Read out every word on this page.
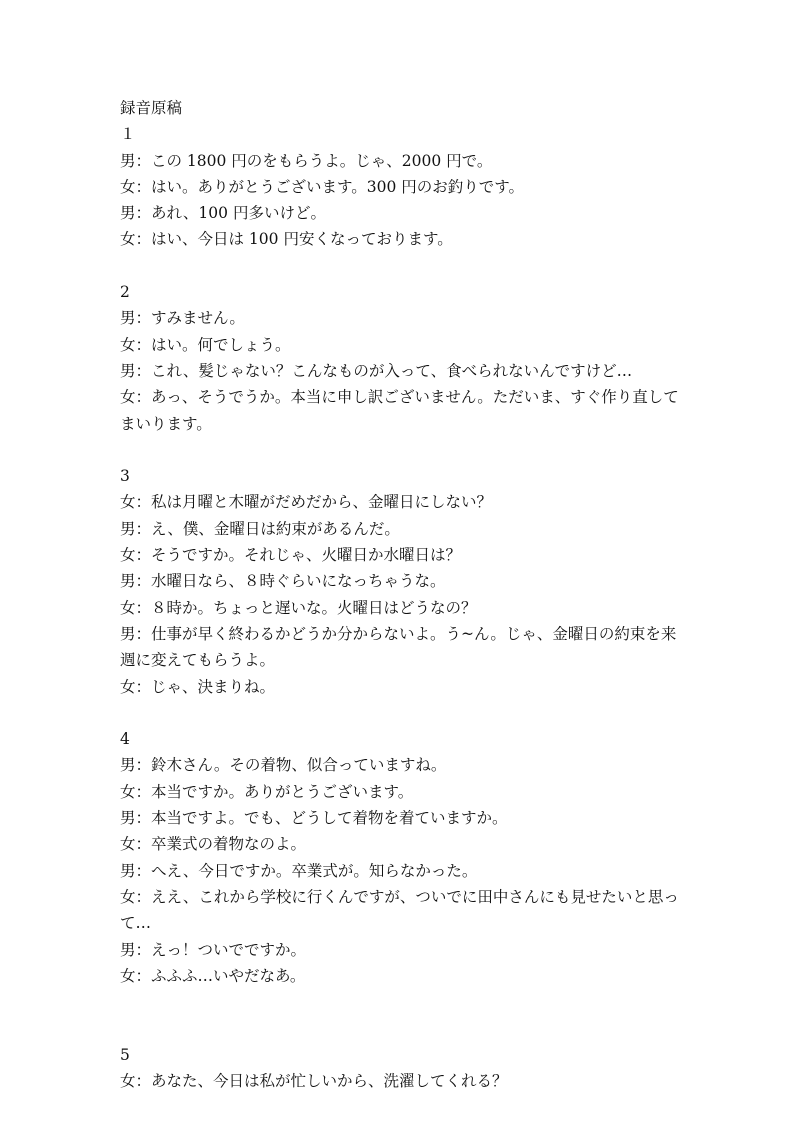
録音原稿
１
男：この 1800 円のをもらうよ。じゃ、2000 円で。
女：はい。ありがとうございます。300 円のお釣りです。
男：あれ、100 円多いけど。
女：はい、今日は 100 円安くなっております。
2
男：すみません。
女：はい。何でしょう。
男：これ、髪じゃない？こんなものが入って、食べられないんですけど…
女：あっ、そうでうか。本当に申し訳ございません。ただいま、すぐ作り直してまいります。
3
女：私は月曜と木曜がだめだから、金曜日にしない？
男：え、僕、金曜日は約束があるんだ。
女：そうですか。それじゃ、火曜日か水曜日は？
男：水曜日なら、８時ぐらいになっちゃうな。
女：８時か。ちょっと遅いな。火曜日はどうなの？
男：仕事が早く終わるかどうか分からないよ。う~ん。じゃ、金曜日の約束を来週に変えてもらうよ。
女：じゃ、決まりね。
4
男：鈴木さん。その着物、似合っていますね。
女：本当ですか。ありがとうございます。
男：本当ですよ。でも、どうして着物を着ていますか。
女：卒業式の着物なのよ。
男：へえ、今日ですか。卒業式が。知らなかった。
女：ええ、これから学校に行くんですが、ついでに田中さんにも見せたいと思って…
男：えっ！ついでですか。
女：ふふふ…いやだなあ。
5
女：あなた、今日は私が忙しいから、洗濯してくれる？
